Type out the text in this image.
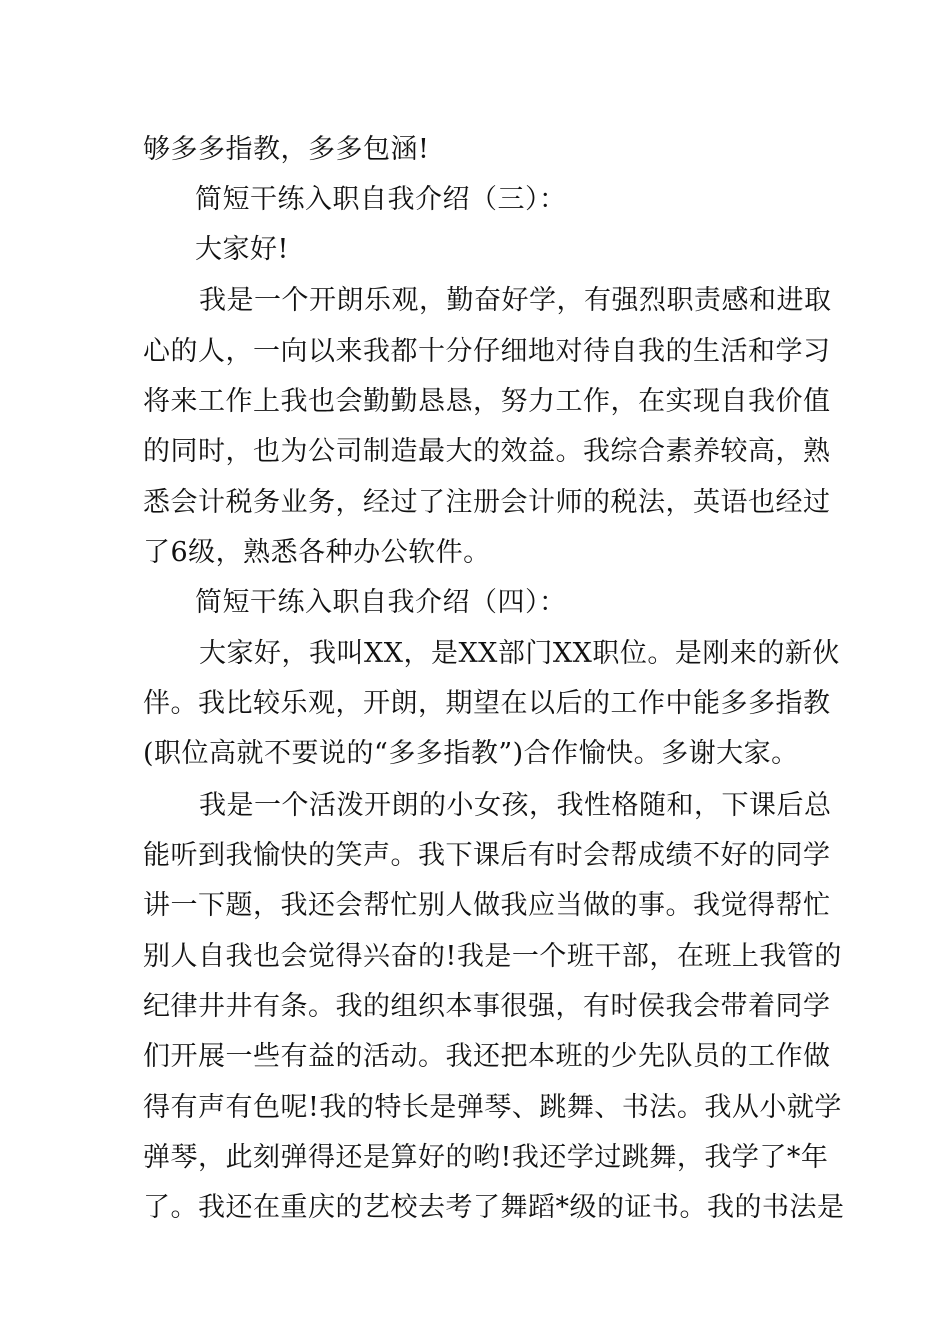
够多多指教，多多包涵!
简短干练入职自我介绍（三）：
大家好!
我是一个开朗乐观，勤奋好学，有强烈职责感和进取
心的人，一向以来我都十分仔细地对待自我的生活和学习
将来工作上我也会勤勤恳恳，努力工作，在实现自我价值
的同时，也为公司制造最大的效益。我综合素养较高，熟
悉会计税务业务，经过了注册会计师的税法，英语也经过
了6级，熟悉各种办公软件。
简短干练入职自我介绍（四）：
大家好，我叫XX，是XX部门XX职位。是刚来的新伙
伴。我比较乐观，开朗，期望在以后的工作中能多多指教
(职位高就不要说的“多多指教”)合作愉快。多谢大家。
我是一个活泼开朗的小女孩，我性格随和，下课后总
能听到我愉快的笑声。我下课后有时会帮成绩不好的同学
讲一下题，我还会帮忙别人做我应当做的事。我觉得帮忙
别人自我也会觉得兴奋的!我是一个班干部，在班上我管的
纪律井井有条。我的组织本事很强，有时侯我会带着同学
们开展一些有益的活动。我还把本班的少先队员的工作做
得有声有色呢!我的特长是弹琴、跳舞、书法。我从小就学
弹琴，此刻弹得还是算好的哟!我还学过跳舞，我学了*年
了。我还在重庆的艺校去考了舞蹈*级的证书。我的书法是
